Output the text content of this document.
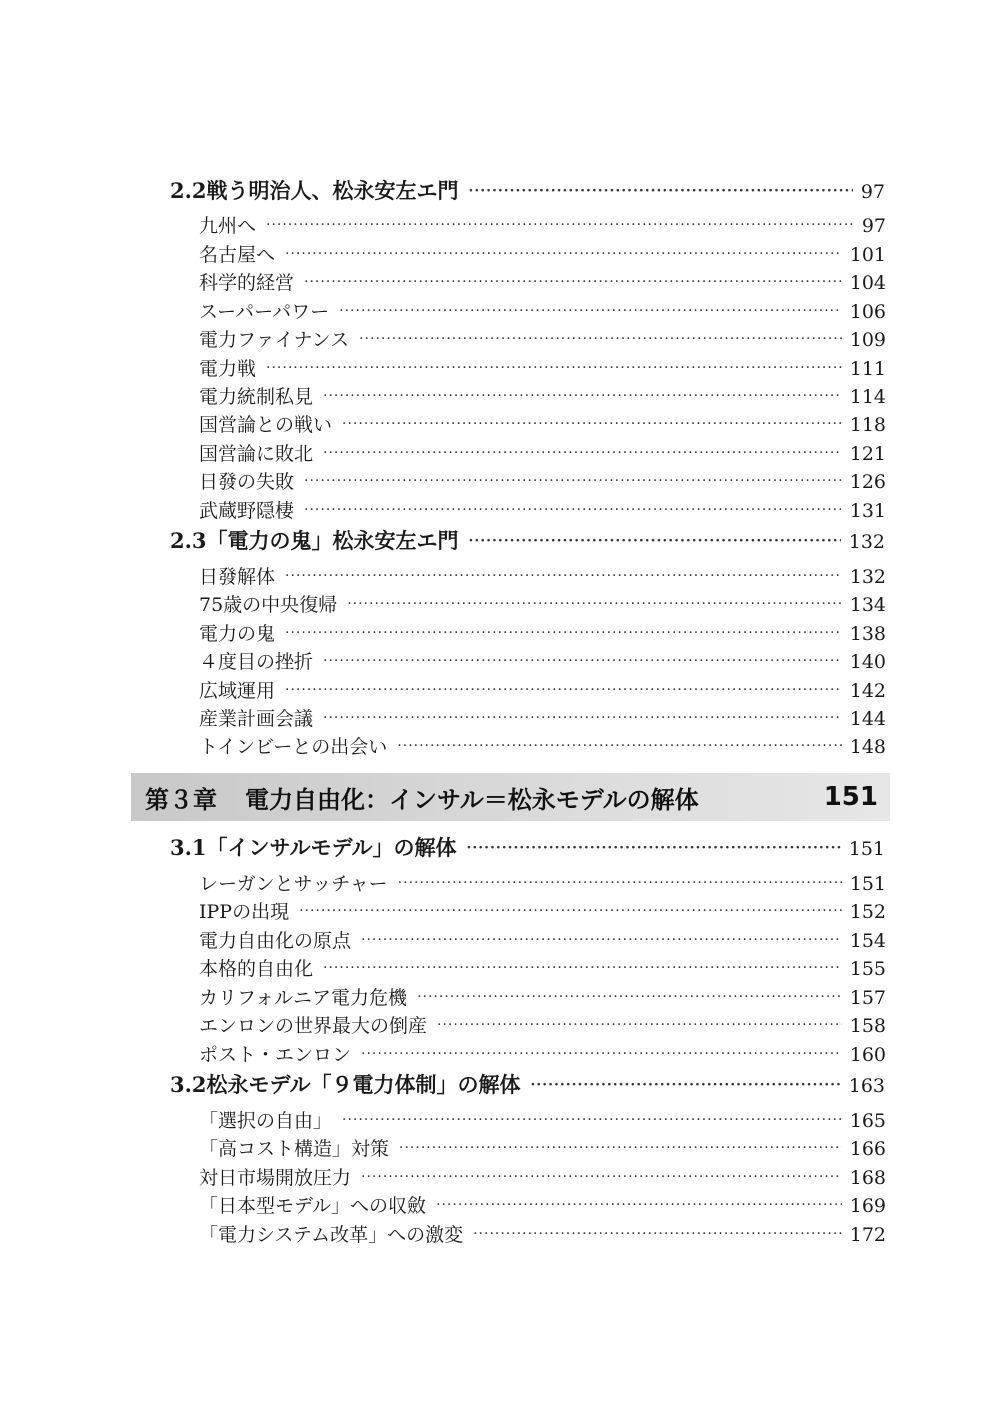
2.2 戦う明治人、松永安左エ門 ·····	97
九州へ ·····	97
名古屋へ ·····	101
科学的経営 ·····	104
スーパーパワー ·····	106
電力ファイナンス ·····	109
電力戦 ·····	111
電力統制私見 ·····	114
国営論との戦い ·····	118
国営論に敗北 ·····	121
日發の失敗 ·····	126
武蔵野隠棲 ·····	131
2.3 「電力の鬼」松永安左エ門 ·····	132
日發解体 ·····	132
75歳の中央復帰 ·····	134
電力の鬼 ·····	138
４度目の挫折 ·····	140
広域運用 ·····	142
産業計画会議 ·····	144
トインビーとの出会い ·····	148
第３章	電力自由化：インサル＝松永モデルの解体	151
3.1 「インサルモデル」の解体 ·····	151
レーガンとサッチャー ·····	151
IPPの出現 ·····	152
電力自由化の原点 ·····	154
本格的自由化 ·····	155
カリフォルニア電力危機 ·····	157
エンロンの世界最大の倒産 ·····	158
ポスト・エンロン ·····	160
3.2 松永モデル「９電力体制」の解体 ·····	163
「選択の自由」 ·····	165
「高コスト構造」対策 ·····	166
対日市場開放圧力 ·····	168
「日本型モデル」への収斂 ·····	169
「電力システム改革」への激変 ·····	172
